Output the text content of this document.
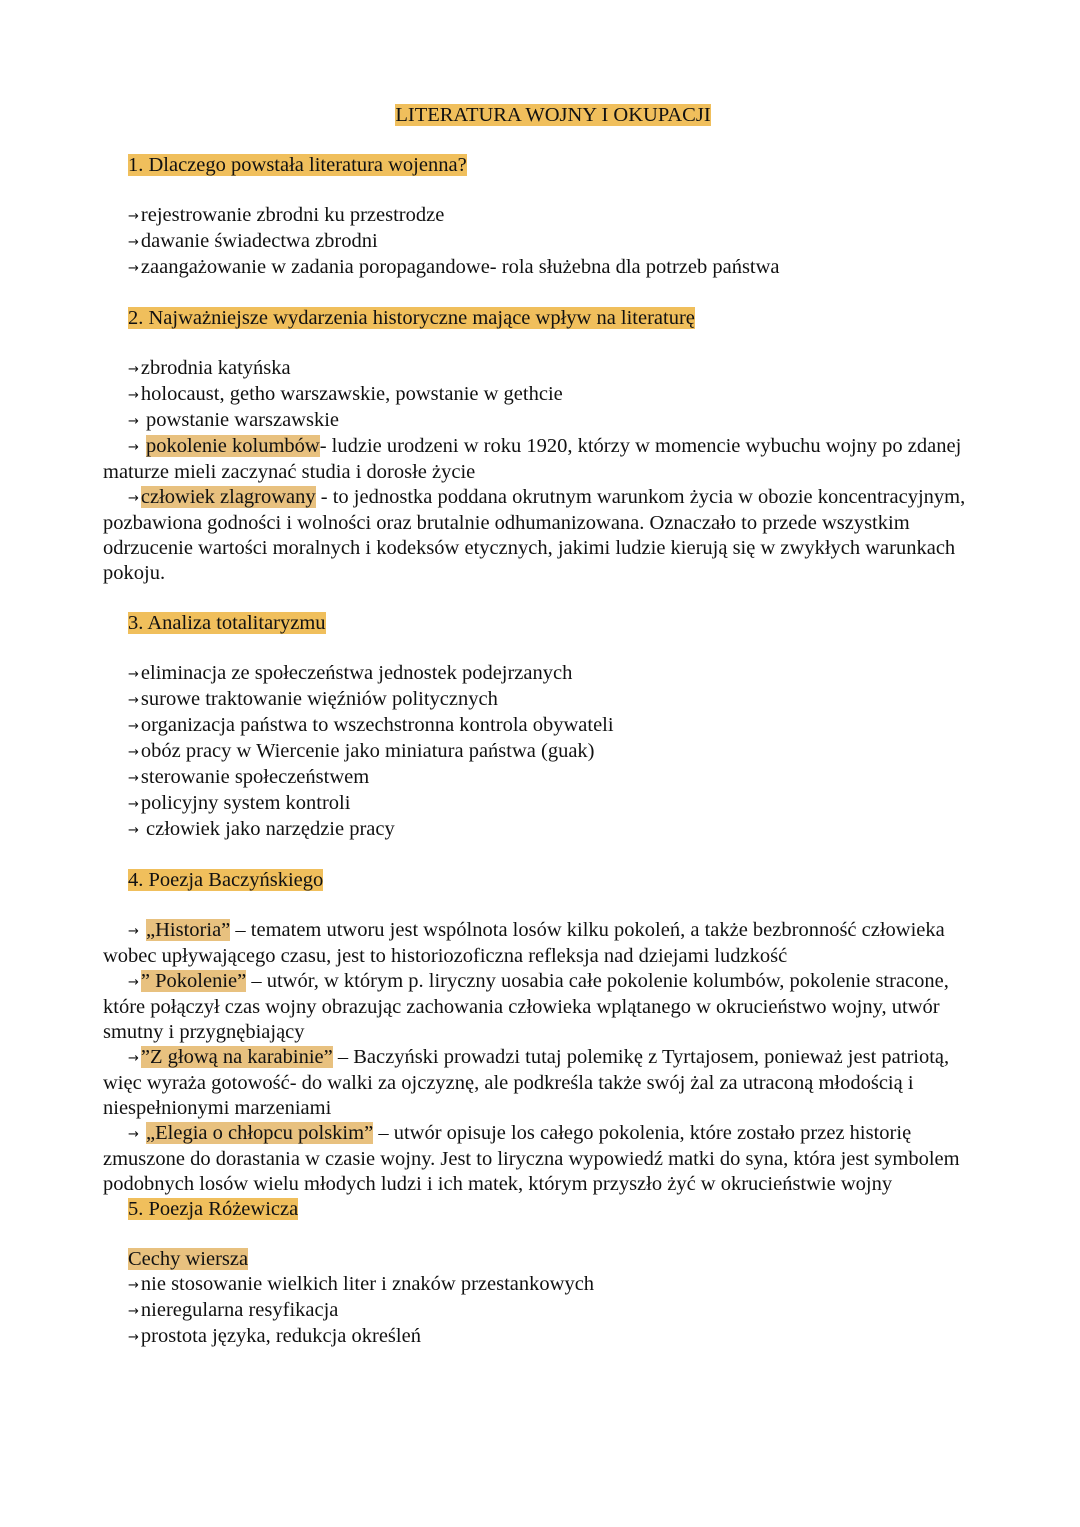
LITERATURA WOJNY I OKUPACJI
1. Dlaczego powstała literatura wojenna?
→rejestrowanie zbrodni ku przestrodze
→dawanie świadectwa zbrodni
→zaangażowanie w zadania poropagandowe- rola służebna dla potrzeb państwa
2. Najważniejsze wydarzenia historyczne mające wpływ na literaturę
→zbrodnia katyńska
→holocaust, getho warszawskie, powstanie w gethcie
→ powstanie warszawskie
→ pokolenie kolumbów- ludzie urodzeni w roku 1920, którzy w momencie wybuchu wojny po zdanej maturze mieli zaczynać studia i dorosłe życie
→człowiek zlagrowany - to jednostka poddana okrutnym warunkom życia w obozie koncentracyjnym, pozbawiona godności i wolności oraz brutalnie odhumanizowana. Oznaczało to przede wszystkim odrzucenie wartości moralnych i kodeksów etycznych, jakimi ludzie kierują się w zwykłych warunkach pokoju.
3. Analiza totalitaryzmu
→eliminacja ze społeczeństwa jednostek podejrzanych
→surowe traktowanie więźniów politycznych
→organizacja państwa to wszechstronna kontrola obywateli
→obóz pracy w Wiercenie jako miniatura państwa (guak)
→sterowanie społeczeństwem
→policyjny system kontroli
→ człowiek jako narzędzie pracy
4. Poezja Baczyńskiego
→ „Historia” – tematem utworu jest wspólnota losów kilku pokoleń, a także bezbronność człowieka wobec upływającego czasu, jest to historiozoficzna refleksja nad dziejami ludzkość
→” Pokolenie” – utwór, w którym p. liryczny uosabia całe pokolenie kolumbów, pokolenie stracone, które połączył czas wojny obrazując zachowania człowieka wplątanego w okrucieństwo wojny, utwór smutny i przygnębiający
→”Z głową na karabinie” – Baczyński prowadzi tutaj polemikę z Tyrtajosem, ponieważ jest patriotą, więc wyraża gotowość- do walki za ojczyznę, ale podkreśla także swój żal za utraconą młodością i niespełnionymi marzeniami
→ „Elegia o chłopcu polskim” – utwór opisuje los całego pokolenia, które zostało przez historię zmuszone do dorastania w czasie wojny. Jest to liryczna wypowiedź matki do syna, która jest symbolem podobnych losów wielu młodych ludzi i ich matek, którym przyszło żyć w okrucieństwie wojny
5. Poezja Różewicza
Cechy wiersza
→nie stosowanie wielkich liter i znaków przestankowych
→nieregularna resyfikacja
→prostota języka, redukcja określeń
